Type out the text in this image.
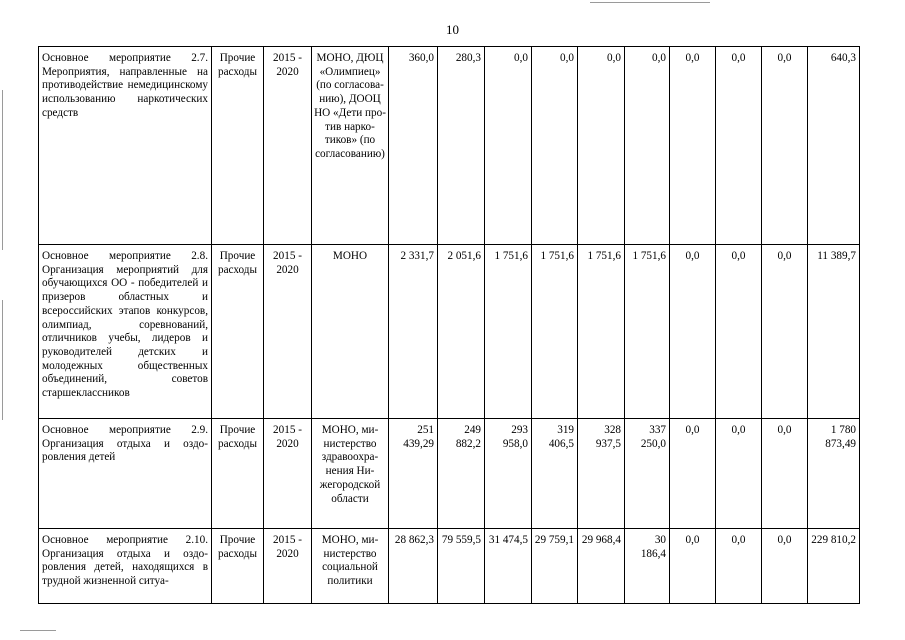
10
Основное мероприятие 2.7. Мероприятия, направленные на противодействие немедицинскому использованию наркотических средств	Прочие расходы	2015 - 2020	МОНО, ДЮЦ «Олимпиец» (по согласованию), ДООЦ НО «Дети против наркотиков» (по согласованию)	360,0	280,3	0,0	0,0	0,0	0,0	0,0	0,0	0,0	640,3
Основное мероприятие 2.8. Организация мероприятий для обучающихся ОО - победителей и призеров областных и всероссийских этапов конкурсов, олимпиад, соревнований, отличников учебы, лидеров и руководителей детских и молодежных общественных объединений, советов старшеклассников	Прочие расходы	2015 - 2020	МОНО	2 331,7	2 051,6	1 751,6	1 751,6	1 751,6	1 751,6	0,0	0,0	0,0	11 389,7
Основное мероприятие 2.9. Организация отдыха и оздоровления детей	Прочие расходы	2015 - 2020	МОНО, министерство здравоохранения Нижегородской области	251 439,29	249 882,2	293 958,0	319 406,5	328 937,5	337 250,0	0,0	0,0	0,0	1 780 873,49
Основное мероприятие 2.10. Организация отдыха и оздоровления детей, находящихся в трудной жизненной ситуа-	Прочие расходы	2015 - 2020	МОНО, министерство социальной политики	28 862,3	79 559,5	31 474,5	29 759,1	29 968,4	30 186,4	0,0	0,0	0,0	229 810,2
